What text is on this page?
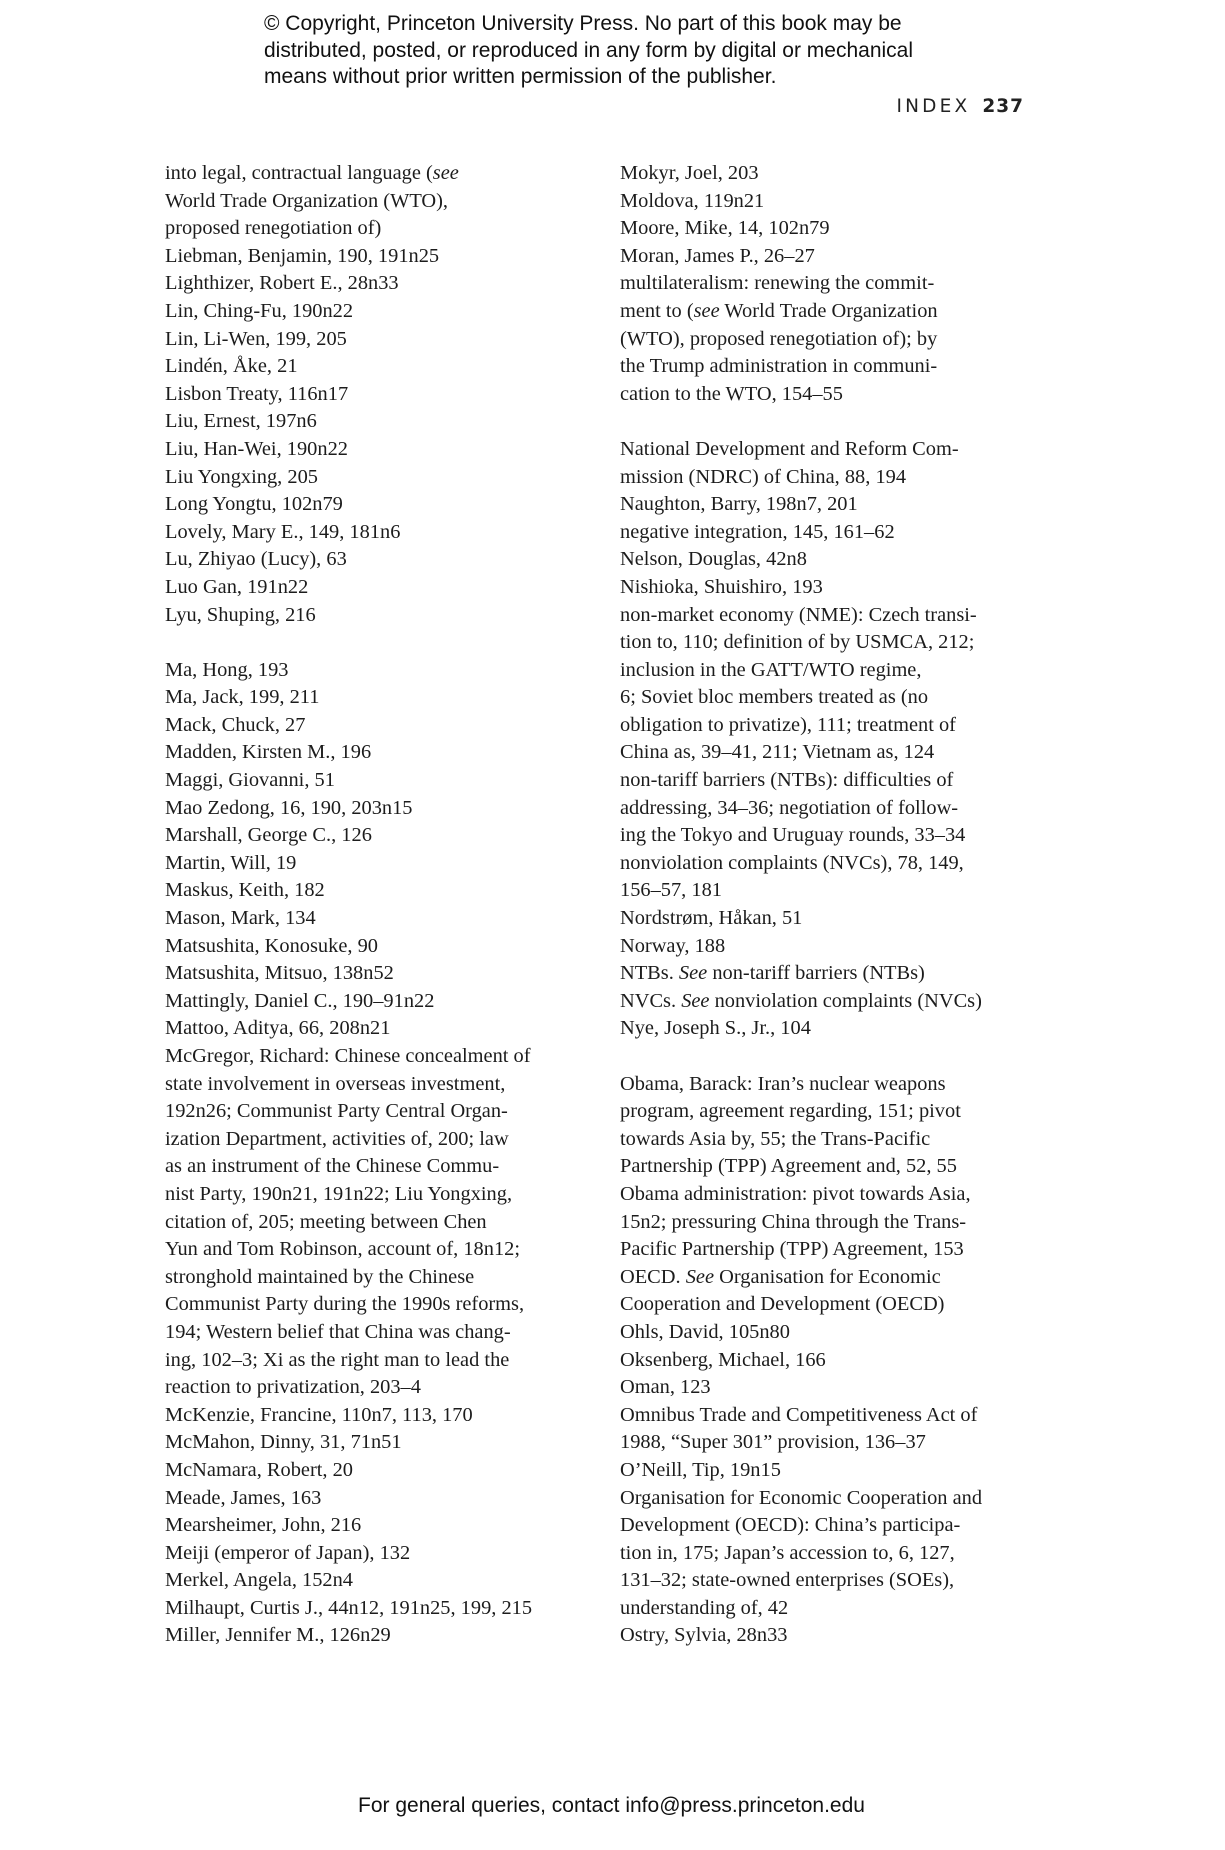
© Copyright, Princeton University Press. No part of this book may be
distributed, posted, or reproduced in any form by digital or mechanical
means without prior written permission of the publisher.
INDEX 237
into legal, contractual language (see
World Trade Organization (WTO),
proposed renegotiation of)
Liebman, Benjamin, 190, 191n25
Lighthizer, Robert E., 28n33
Lin, Ching-Fu, 190n22
Lin, Li-Wen, 199, 205
Lindén, Åke, 21
Lisbon Treaty, 116n17
Liu, Ernest, 197n6
Liu, Han-Wei, 190n22
Liu Yongxing, 205
Long Yongtu, 102n79
Lovely, Mary E., 149, 181n6
Lu, Zhiyao (Lucy), 63
Luo Gan, 191n22
Lyu, Shuping, 216
Ma, Hong, 193
Ma, Jack, 199, 211
Mack, Chuck, 27
Madden, Kirsten M., 196
Maggi, Giovanni, 51
Mao Zedong, 16, 190, 203n15
Marshall, George C., 126
Martin, Will, 19
Maskus, Keith, 182
Mason, Mark, 134
Matsushita, Konosuke, 90
Matsushita, Mitsuo, 138n52
Mattingly, Daniel C., 190–91n22
Mattoo, Aditya, 66, 208n21
McGregor, Richard: Chinese concealment of
state involvement in overseas investment,
192n26; Communist Party Central Organ-
ization Department, activities of, 200; law
as an instrument of the Chinese Commu-
nist Party, 190n21, 191n22; Liu Yongxing,
citation of, 205; meeting between Chen
Yun and Tom Robinson, account of, 18n12;
stronghold maintained by the Chinese
Communist Party during the 1990s reforms,
194; Western belief that China was chang-
ing, 102–3; Xi as the right man to lead the
reaction to privatization, 203–4
McKenzie, Francine, 110n7, 113, 170
McMahon, Dinny, 31, 71n51
McNamara, Robert, 20
Meade, James, 163
Mearsheimer, John, 216
Meiji (emperor of Japan), 132
Merkel, Angela, 152n4
Milhaupt, Curtis J., 44n12, 191n25, 199, 215
Miller, Jennifer M., 126n29
Mokyr, Joel, 203
Moldova, 119n21
Moore, Mike, 14, 102n79
Moran, James P., 26–27
multilateralism: renewing the commit-
ment to (see World Trade Organization
(WTO), proposed renegotiation of); by
the Trump administration in communi-
cation to the WTO, 154–55
National Development and Reform Com-
mission (NDRC) of China, 88, 194
Naughton, Barry, 198n7, 201
negative integration, 145, 161–62
Nelson, Douglas, 42n8
Nishioka, Shuishiro, 193
non-market economy (NME): Czech transi-
tion to, 110; definition of by USMCA, 212;
inclusion in the GATT/WTO regime,
6; Soviet bloc members treated as (no
obligation to privatize), 111; treatment of
China as, 39–41, 211; Vietnam as, 124
non-tariff barriers (NTBs): difficulties of
addressing, 34–36; negotiation of follow-
ing the Tokyo and Uruguay rounds, 33–34
nonviolation complaints (NVCs), 78, 149,
156–57, 181
Nordstrøm, Håkan, 51
Norway, 188
NTBs. See non-tariff barriers (NTBs)
NVCs. See nonviolation complaints (NVCs)
Nye, Joseph S., Jr., 104
Obama, Barack: Iran’s nuclear weapons
program, agreement regarding, 151; pivot
towards Asia by, 55; the Trans-Pacific
Partnership (TPP) Agreement and, 52, 55
Obama administration: pivot towards Asia,
15n2; pressuring China through the Trans-
Pacific Partnership (TPP) Agreement, 153
OECD. See Organisation for Economic
Cooperation and Development (OECD)
Ohls, David, 105n80
Oksenberg, Michael, 166
Oman, 123
Omnibus Trade and Competitiveness Act of
1988, “Super 301” provision, 136–37
O’Neill, Tip, 19n15
Organisation for Economic Cooperation and
Development (OECD): China’s participa-
tion in, 175; Japan’s accession to, 6, 127,
131–32; state-owned enterprises (SOEs),
understanding of, 42
Ostry, Sylvia, 28n33
For general queries, contact info@press.princeton.edu
